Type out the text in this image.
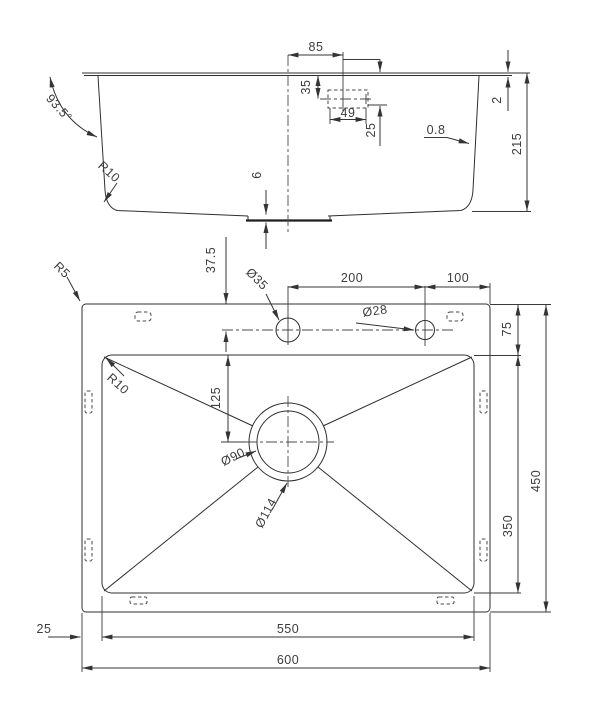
85
35
49
25	0.8
2
215
6
R10
93.5°
37.5
Ø35	200	100
Ø28
75
R5
R10
125
Ø90
Ø114	350
450
550
600
25
